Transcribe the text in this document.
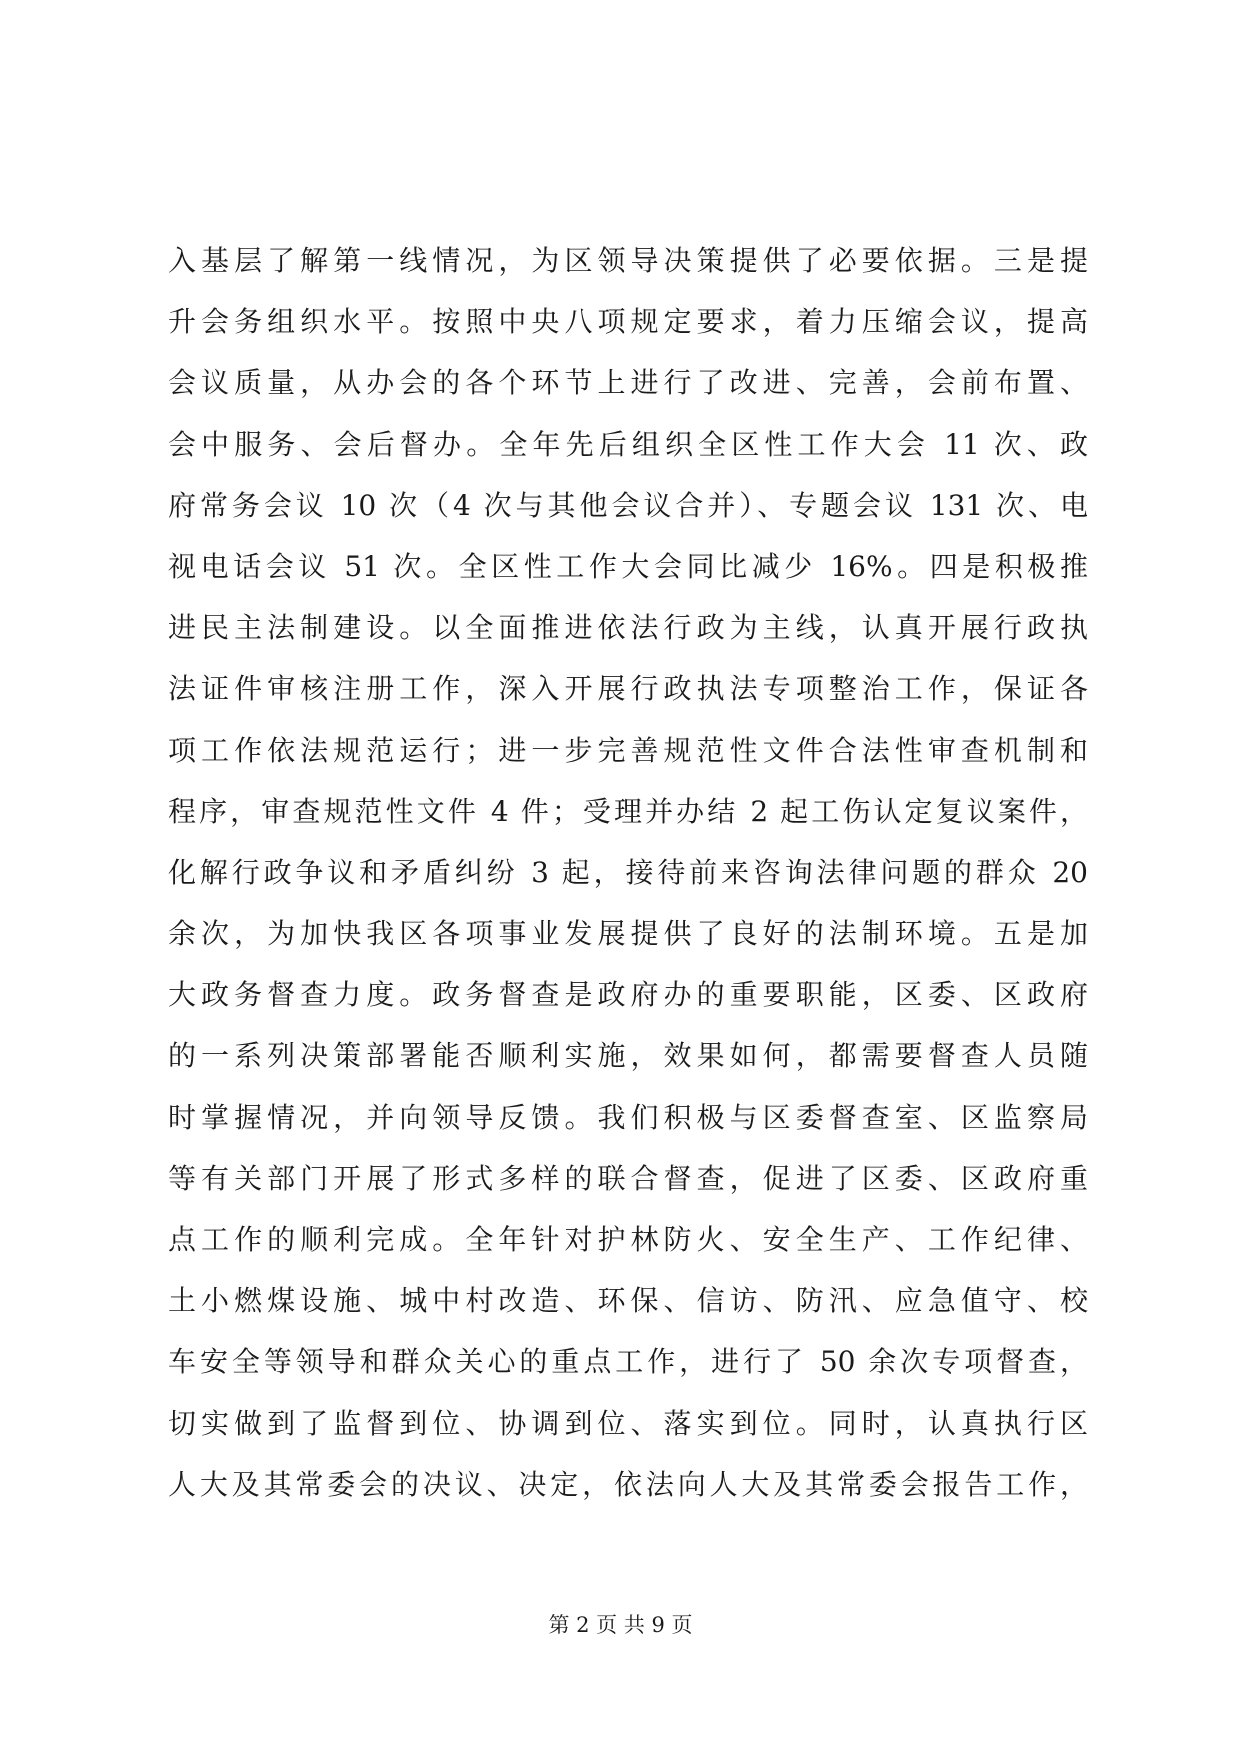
入基层了解第一线情况，为区领导决策提供了必要依据。三是提
升会务组织水平。按照中央八项规定要求，着力压缩会议，提高
会议质量，从办会的各个环节上进行了改进、完善，会前布置、
会中服务、会后督办。全年先后组织全区性工作大会 11 次、政
府常务会议 10 次（4 次与其他会议合并）、专题会议 131 次、电
视电话会议 51 次。全区性工作大会同比减少 16%。四是积极推
进民主法制建设。以全面推进依法行政为主线，认真开展行政执
法证件审核注册工作，深入开展行政执法专项整治工作，保证各
项工作依法规范运行；进一步完善规范性文件合法性审查机制和
程序，审查规范性文件 4 件；受理并办结 2 起工伤认定复议案件，
化解行政争议和矛盾纠纷 3 起，接待前来咨询法律问题的群众 20
余次，为加快我区各项事业发展提供了良好的法制环境。五是加
大政务督查力度。政务督查是政府办的重要职能，区委、区政府
的一系列决策部署能否顺利实施，效果如何，都需要督查人员随
时掌握情况，并向领导反馈。我们积极与区委督查室、区监察局
等有关部门开展了形式多样的联合督查，促进了区委、区政府重
点工作的顺利完成。全年针对护林防火、安全生产、工作纪律、
土小燃煤设施、城中村改造、环保、信访、防汛、应急值守、校
车安全等领导和群众关心的重点工作，进行了 50 余次专项督查，
切实做到了监督到位、协调到位、落实到位。同时，认真执行区
人大及其常委会的决议、决定，依法向人大及其常委会报告工作，
第 2 页 共 9 页
